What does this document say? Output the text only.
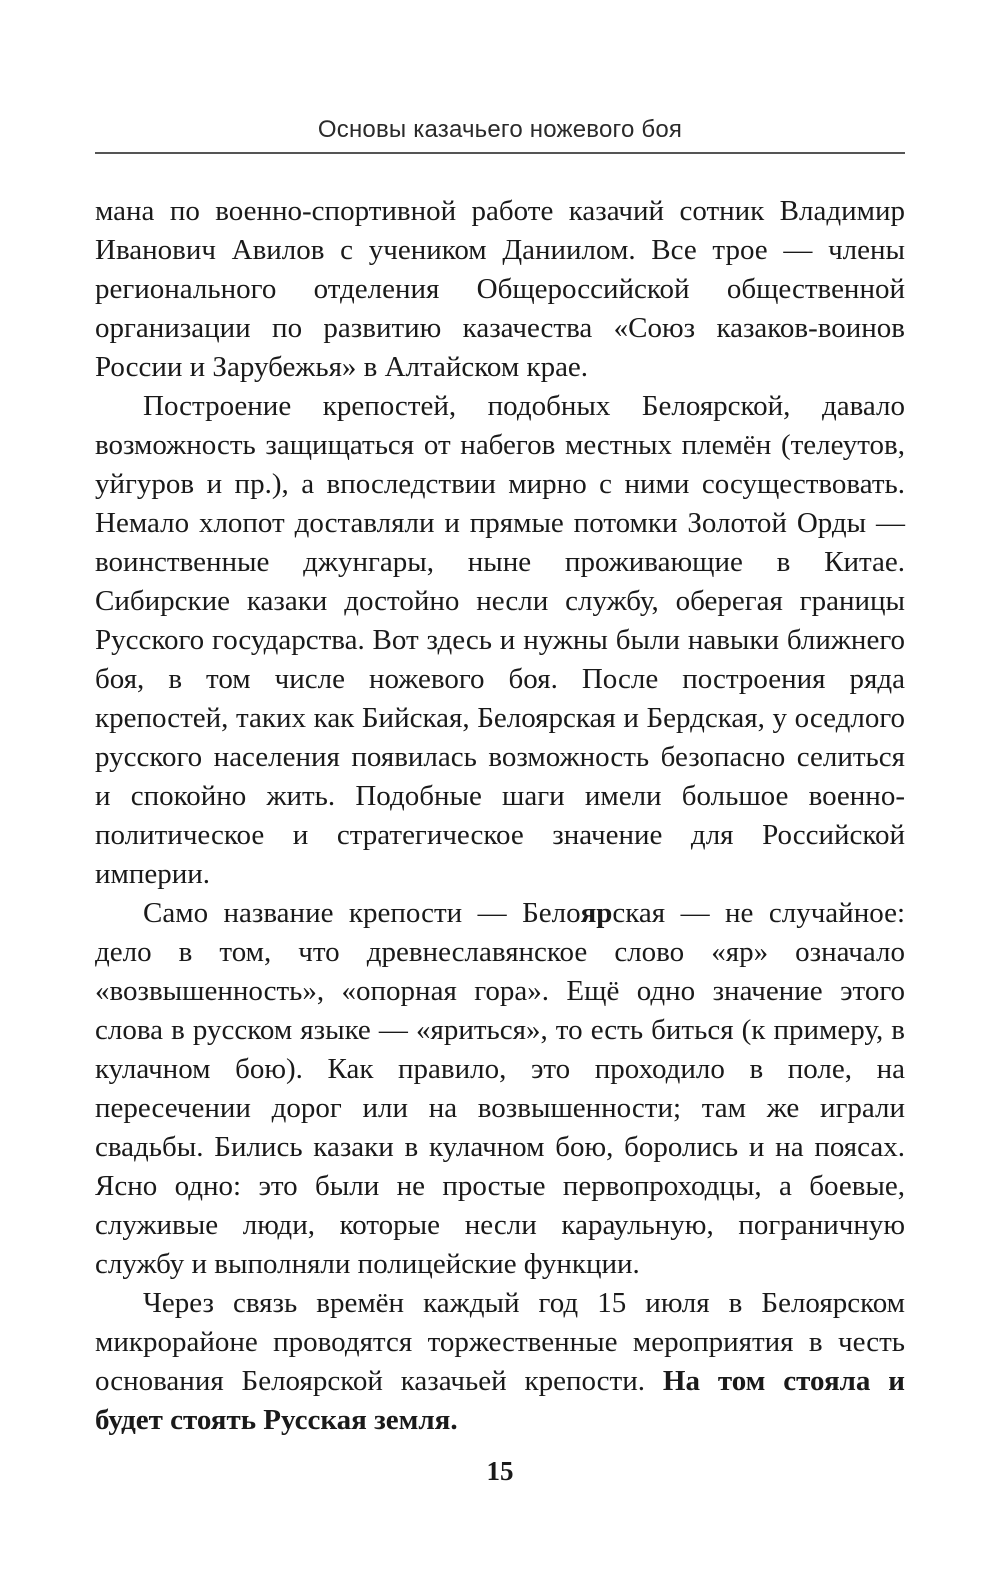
Основы казачьего ножевого боя

мана по военно-спортивной работе казачий сотник Владимир Иванович Авилов с учеником Даниилом. Все трое — члены регионального отделения Общероссийской общественной организации по развитию казачества «Союз казаков-воинов России и Зарубежья» в Алтайском крае.

Построение крепостей, подобных Белоярской, давало возможность защищаться от набегов местных племён (телеутов, уйгуров и пр.), а впоследствии мирно с ними сосуществовать. Немало хлопот доставляли и прямые потомки Золотой Орды — воинственные джунгары, ныне проживающие в Китае. Сибирские казаки достойно несли службу, оберегая границы Русского государства. Вот здесь и нужны были навыки ближнего боя, в том числе ножевого боя. После построения ряда крепостей, таких как Бийская, Белоярская и Бердская, у оседлого русского населения появилась возможность безопасно селиться и спокойно жить. Подобные шаги имели большое военно-политическое и стратегическое значение для Российской империи.

Само название крепости — Белоярская — не случайное: дело в том, что древнеславянское слово «яр» означало «возвышенность», «опорная гора». Ещё одно значение этого слова в русском языке — «яриться», то есть биться (к примеру, в кулачном бою). Как правило, это проходило в поле, на пересечении дорог или на возвышенности; там же играли свадьбы. Бились казаки в кулачном бою, боролись и на поясах. Ясно одно: это были не простые первопроходцы, а боевые, служивые люди, которые несли караульную, пограничную службу и выполняли полицейские функции.

Через связь времён каждый год 15 июля в Белоярском микрорайоне проводятся торжественные мероприятия в честь основания Белоярской казачьей крепости. На том стояла и будет стоять Русская земля.

15
